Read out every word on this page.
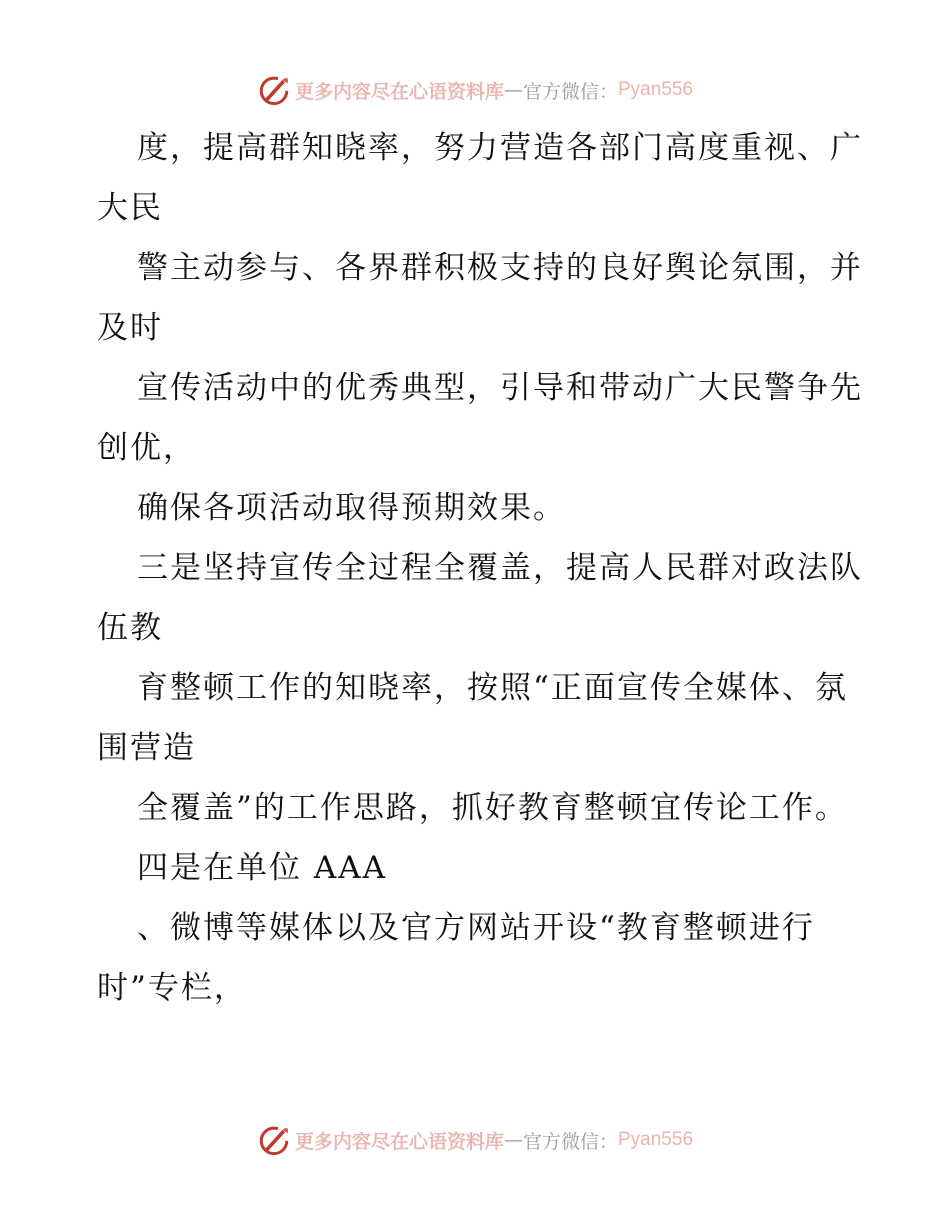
更多内容尽在心语资料库 — 官方微信： Pyan556

度，提高群知晓率，努力营造各部门高度重视、广大民

警主动参与、各界群积极支持的良好舆论氛围，并及时

宣传活动中的优秀典型，引导和带动广大民警争先创优，

确保各项活动取得预期效果。

三是坚持宣传全过程全覆盖，提高人民群对政法队伍教

育整顿工作的知晓率，按照“正面宣传全媒体、氛围营造

全覆盖”的工作思路，抓好教育整顿宜传论工作。

四是在单位 AAA

、微博等媒体以及官方网站开设“教育整顿进行时”专栏，

更多内容尽在心语资料库 — 官方微信： Pyan556
